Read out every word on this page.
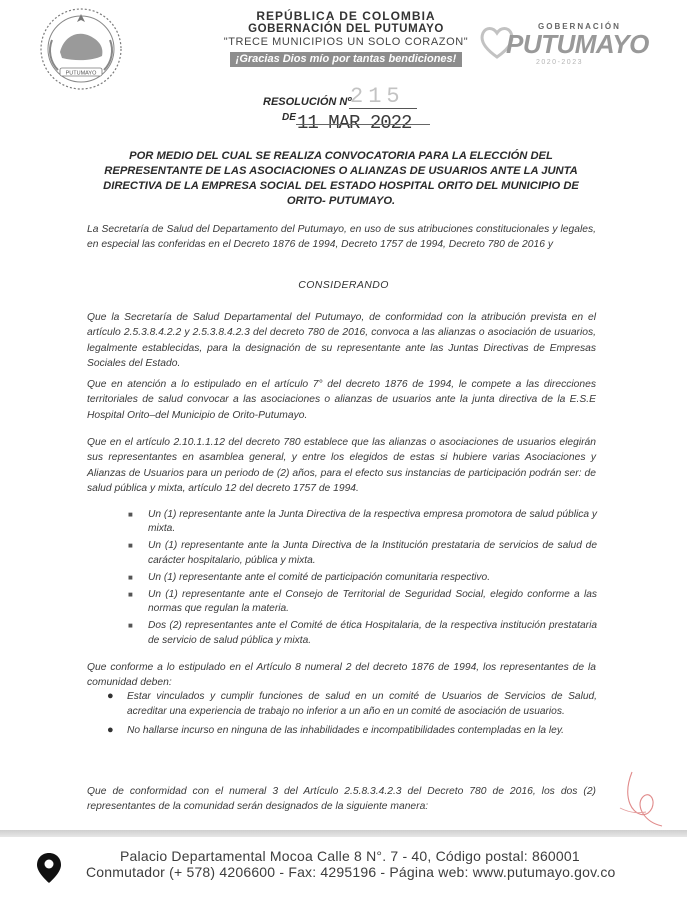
PUTUMAYO
REPÚBLICA DE COLOMBIA
GOBERNACIÓN DEL PUTUMAYO
"TRECE MUNICIPIOS UN SOLO CORAZON"
¡Gracias Dios mío por tantas bendiciones!
GOBERNACIÓN
PUTUMAYO
2020-2023
RESOLUCIÓN Nº
215
DE 11 MAR 2022
POR MEDIO DEL CUAL SE REALIZA CONVOCATORIA PARA LA ELECCIÓN DEL REPRESENTANTE DE LAS ASOCIACIONES O ALIANZAS DE USUARIOS ANTE LA JUNTA DIRECTIVA DE LA EMPRESA SOCIAL DEL ESTADO HOSPITAL ORITO DEL MUNICIPIO DE ORITO- PUTUMAYO.
La Secretaría de Salud del Departamento del Putumayo, en uso de sus atribuciones constitucionales y legales, en especial las conferidas en el Decreto 1876 de 1994, Decreto 1757 de 1994, Decreto 780 de 2016 y
CONSIDERANDO
Que la Secretaría de Salud Departamental del Putumayo, de conformidad con la atribución prevista en el artículo 2.5.3.8.4.2.2 y 2.5.3.8.4.2.3 del decreto 780 de 2016, convoca a las alianzas o asociación de usuarios, legalmente establecidas, para la designación de su representante ante las Juntas Directivas de Empresas Sociales del Estado.
Que en atención a lo estipulado en el artículo 7° del decreto 1876 de 1994, le compete a las direcciones territoriales de salud convocar a las asociaciones o alianzas de usuarios ante la junta directiva de la E.S.E Hospital Orito–del Municipio de Orito-Putumayo.
Que en el artículo 2.10.1.1.12 del decreto 780 establece que las alianzas o asociaciones de usuarios elegirán sus representantes en asamblea general, y entre los elegidos de estas si hubiere varias Asociaciones y Alianzas de Usuarios para un periodo de (2) años, para el efecto sus instancias de participación podrán ser: de salud pública y mixta, artículo 12 del decreto 1757 de 1994.
■ Un (1) representante ante la Junta Directiva de la respectiva empresa promotora de salud pública y mixta.
■ Un (1) representante ante la Junta Directiva de la Institución prestataria de servicios de salud de carácter hospitalario, pública y mixta.
■ Un (1) representante ante el comité de participación comunitaria respectivo.
■ Un (1) representante ante el Consejo de Territorial de Seguridad Social, elegido conforme a las normas que regulan la materia.
■ Dos (2) representantes ante el Comité de ética Hospitalaria, de la respectiva institución prestataria de servicio de salud pública y mixta.
Que conforme a lo estipulado en el Artículo 8 numeral 2 del decreto 1876 de 1994, los representantes de la comunidad deben:
● Estar vinculados y cumplir funciones de salud en un comité de Usuarios de Servicios de Salud, acreditar una experiencia de trabajo no inferior a un año en un comité de asociación de usuarios.
● No hallarse incurso en ninguna de las inhabilidades e incompatibilidades contempladas en la ley.
Que de conformidad con el numeral 3 del Artículo 2.5.8.3.4.2.3 del Decreto 780 de 2016, los dos (2) representantes de la comunidad serán designados de la siguiente manera:
Palacio Departamental Mocoa Calle 8 N°. 7 - 40, Código postal: 860001
Conmutador (+ 578) 4206600 - Fax: 4295196 - Página web: www.putumayo.gov.co
